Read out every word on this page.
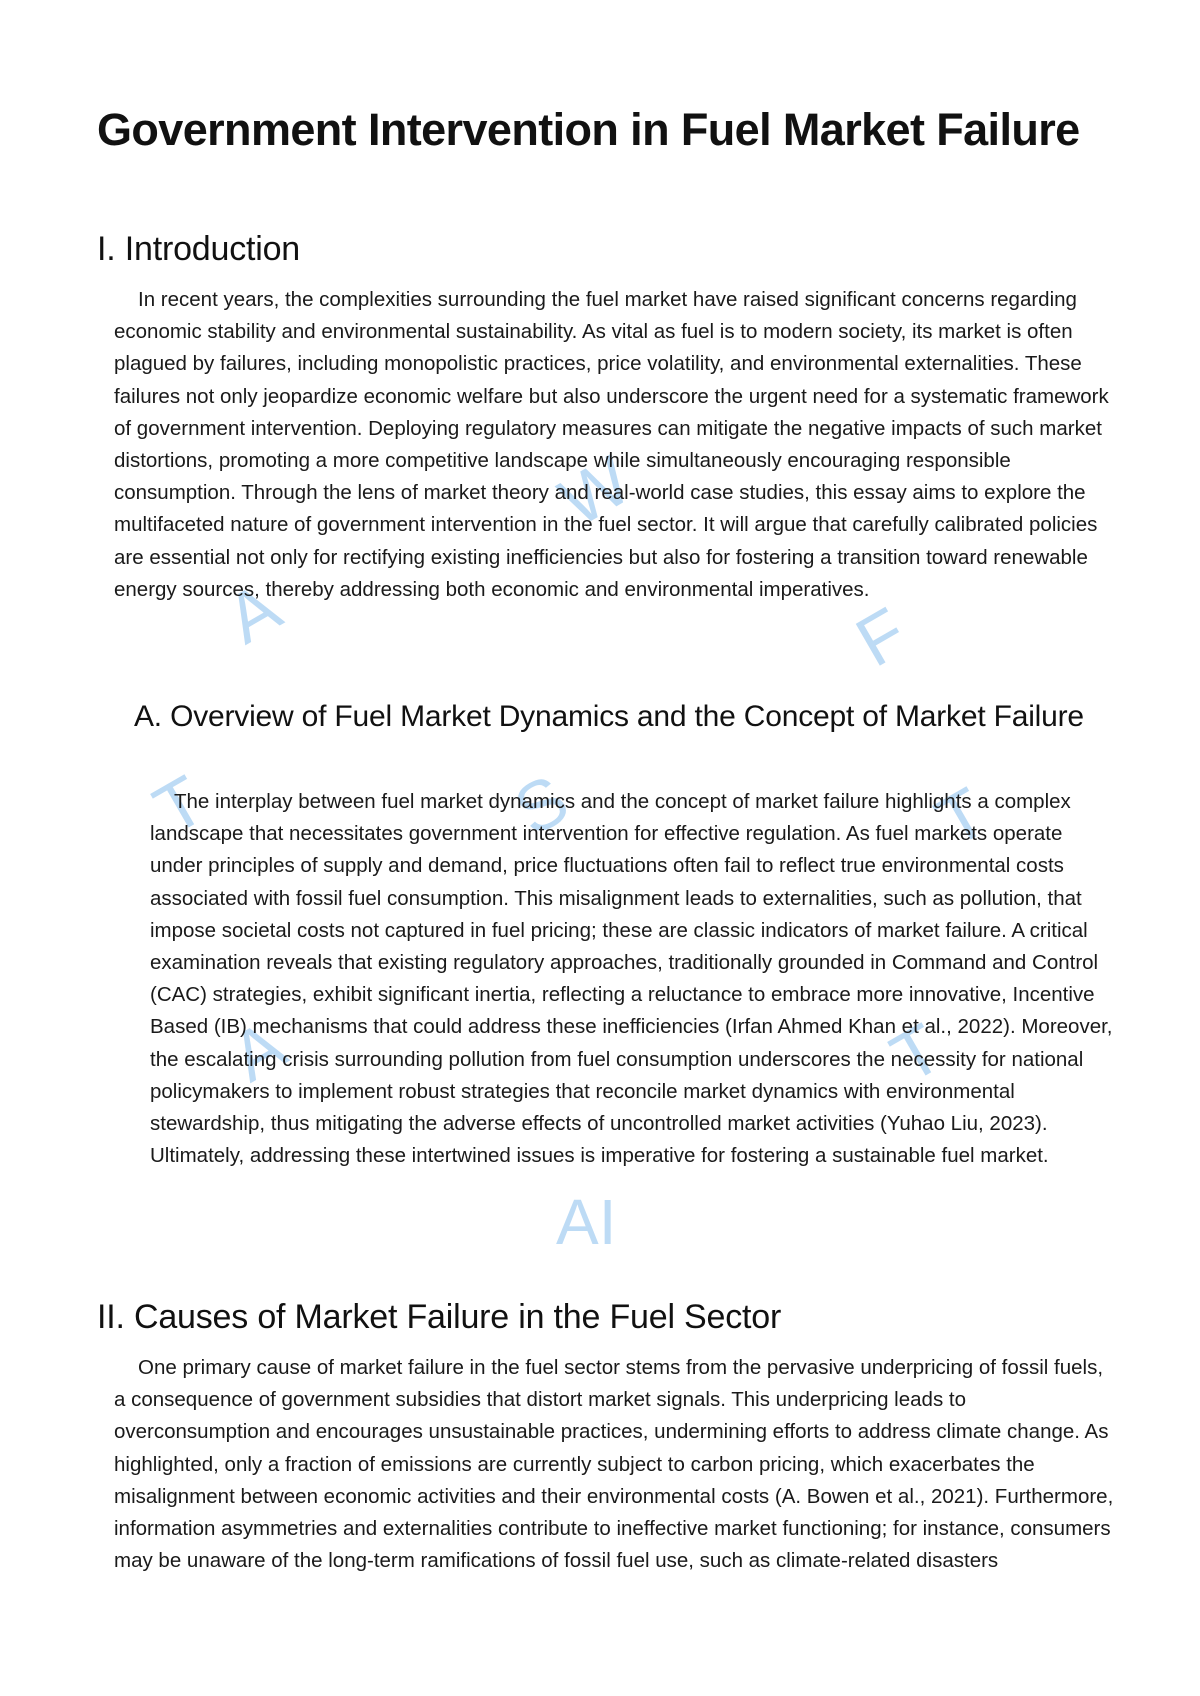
W
A	F
T	S	T
A	T
AI
Government Intervention in Fuel Market Failure
I. Introduction

In recent years, the complexities surrounding the fuel market have raised significant concerns regarding economic stability and environmental sustainability. As vital as fuel is to modern society, its market is often plagued by failures, including monopolistic practices, price volatility, and environmental externalities. These failures not only jeopardize economic welfare but also underscore the urgent need for a systematic framework of government intervention. Deploying regulatory measures can mitigate the negative impacts of such market distortions, promoting a more competitive landscape while simultaneously encouraging responsible consumption. Through the lens of market theory and real-world case studies, this essay aims to explore the multifaceted nature of government intervention in the fuel sector. It will argue that carefully calibrated policies are essential not only for rectifying existing inefficiencies but also for fostering a transition toward renewable energy sources, thereby addressing both economic and environmental imperatives.

A. Overview of Fuel Market Dynamics and the Concept of Market Failure

The interplay between fuel market dynamics and the concept of market failure highlights a complex landscape that necessitates government intervention for effective regulation. As fuel markets operate under principles of supply and demand, price fluctuations often fail to reflect true environmental costs associated with fossil fuel consumption. This misalignment leads to externalities, such as pollution, that impose societal costs not captured in fuel pricing; these are classic indicators of market failure. A critical examination reveals that existing regulatory approaches, traditionally grounded in Command and Control (CAC) strategies, exhibit significant inertia, reflecting a reluctance to embrace more innovative, Incentive Based (IB) mechanisms that could address these inefficiencies (Irfan Ahmed Khan et al., 2022). Moreover, the escalating crisis surrounding pollution from fuel consumption underscores the necessity for national policymakers to implement robust strategies that reconcile market dynamics with environmental stewardship, thus mitigating the adverse effects of uncontrolled market activities (Yuhao Liu, 2023). Ultimately, addressing these intertwined issues is imperative for fostering a sustainable fuel market.

II. Causes of Market Failure in the Fuel Sector

One primary cause of market failure in the fuel sector stems from the pervasive underpricing of fossil fuels, a consequence of government subsidies that distort market signals. This underpricing leads to overconsumption and encourages unsustainable practices, undermining efforts to address climate change. As highlighted, only a fraction of emissions are currently subject to carbon pricing, which exacerbates the misalignment between economic activities and their environmental costs (A. Bowen et al., 2021). Furthermore, information asymmetries and externalities contribute to ineffective market functioning; for instance, consumers may be unaware of the long-term ramifications of fossil fuel use, such as climate-related disasters
